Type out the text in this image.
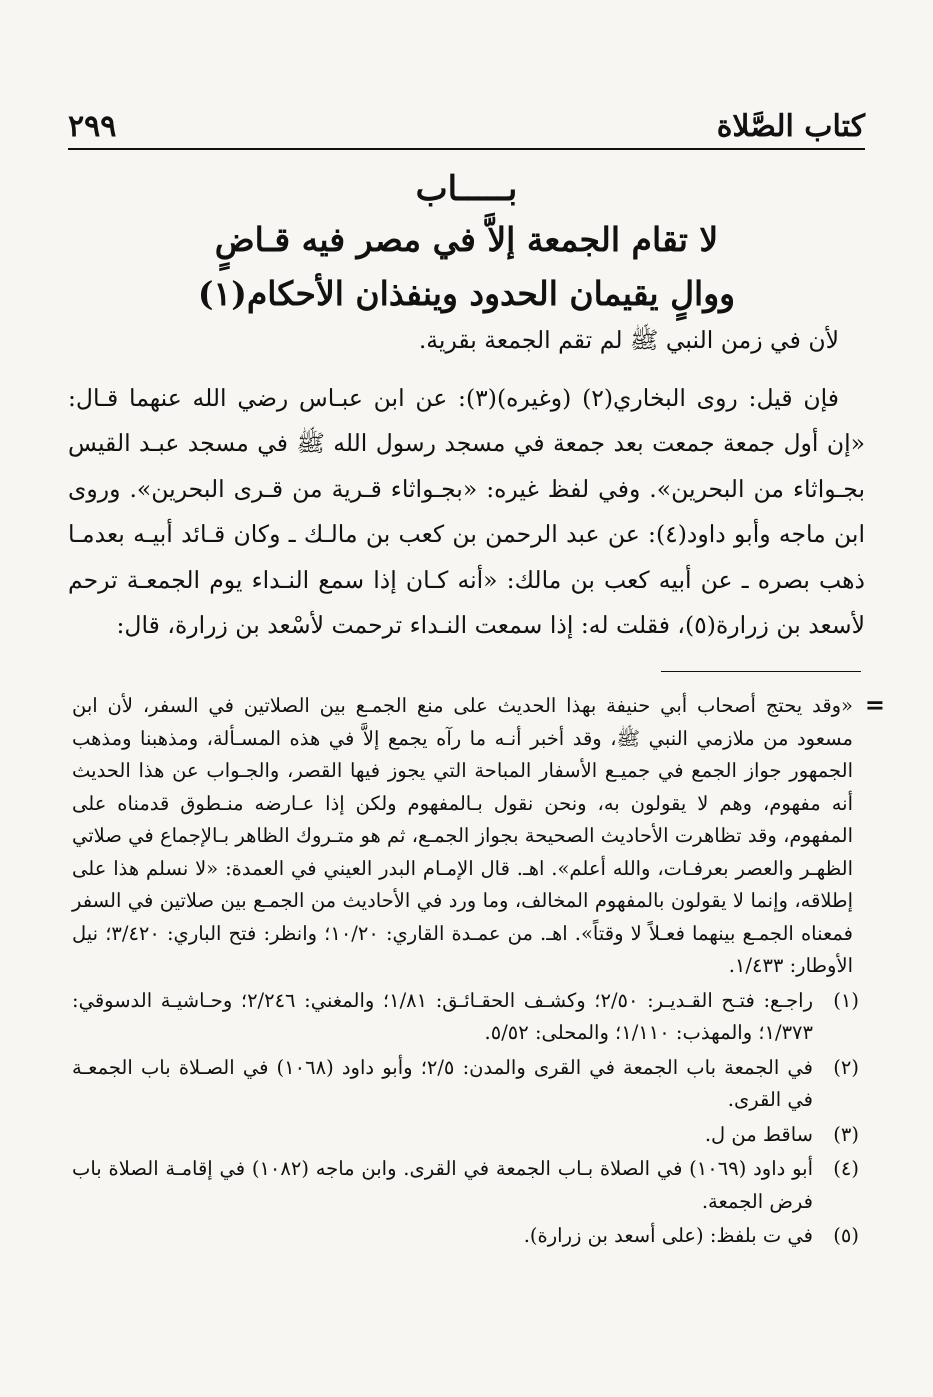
٢٩٩	كتاب الصَّلاة
بـــــاب
لا تقام الجمعة إلاَّ في مصر فيه قـاضٍ
ووالٍ يقيمان الحدود وينفذان الأحكام(١)

لأن في زمن النبي ﷺ لم تقم الجمعة بقرية.

فإن قيل: روى البخاري(٢) (وغيره)(٣): عن ابن عبـاس رضي الله عنهما قـال: «إن أول جمعة جمعت بعد جمعة في مسجد رسول الله ﷺ في مسجد عبـد القيس بجـواثاء من البحرين». وفي لفظ غيره: «بجـواثاء قـرية من قـرى البحرين». وروى ابن ماجه وأبو داود(٤): عن عبد الرحمن بن كعب بن مالـك ـ وكان قـائد أبيـه بعدمـا ذهب بصره ـ عن أبيه كعب بن مالك: «أنه كـان إذا سمع النـداء يوم الجمعـة ترحم لأسعد بن زرارة(٥)، فقلت له: إذا سمعت النـداء ترحمت لأسْعد بن زرارة، قال:

=
«وقد يحتج أصحاب أبي حنيفة بهذا الحديث على منع الجمـع بين الصلاتين في السفر، لأن ابن مسعود من ملازمي النبي ﷺ، وقد أخبر أنـه ما رآه يجمع إلاَّ في هذه المسـألة، ومذهبنا ومذهب الجمهور جواز الجمع في جميـع الأسفار المباحة التي يجوز فيها القصر، والجـواب عن هذا الحديث أنه مفهوم، وهم لا يقولون به، ونحن نقول بـالمفهوم ولكن إذا عـارضه منـطوق قدمناه على المفهوم، وقد تظاهرت الأحاديث الصحيحة بجواز الجمـع، ثم هو متـروك الظاهر بـالإجماع في صلاتي الظهـر والعصر بعرفـات، والله أعلم». اهـ. قال الإمـام البدر العيني في العمدة: «لا نسلم هذا على إطلاقه، وإنما لا يقولون بالمفهوم المخالف، وما ورد في الأحاديث من الجمـع بين صلاتين في السفر فمعناه الجمـع بينهما فعـلاً لا وقتاً». اهـ. من عمـدة القاري: ١٠/٢٠؛ وانظر: فتح الباري: ٣/٤٢٠؛ نيل الأوطار: ١/٤٣٣.
(١)
راجـع: فتـح القـديـر: ٢/٥٠؛ وكشـف الحقـائـق: ١/٨١؛ والمغني: ٢/٢٤٦؛ وحـاشيـة الدسوقي: ١/٣٧٣؛ والمهذب: ١/١١٠؛ والمحلى: ٥/٥٢.
(٢)
في الجمعة باب الجمعة في القرى والمدن: ٢/٥؛ وأبو داود (١٠٦٨) في الصـلاة باب الجمعـة في القرى.
(٣)
ساقط من ل.
(٤)
أبو داود (١٠٦٩) في الصلاة بـاب الجمعة في القرى. وابن ماجه (١٠٨٢) في إقامـة الصلاة باب فرض الجمعة.
(٥)
في ت بلفظ: (على أسعد بن زرارة).
